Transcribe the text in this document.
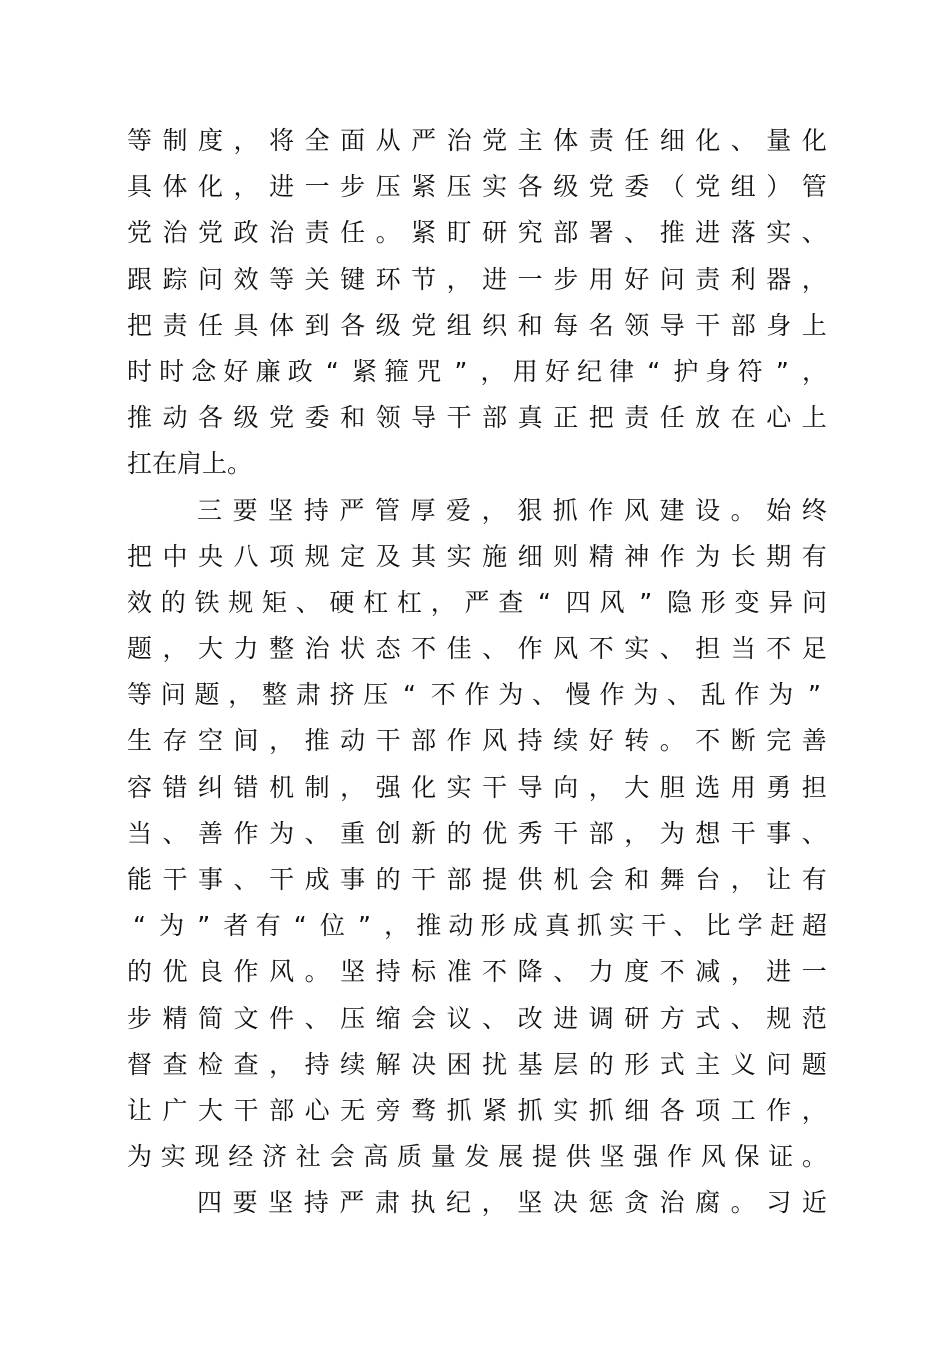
等 制 度 ， 将 全 面 从 严 治 党 主 体 责 任 细 化 、 量 化
具 体 化 ， 进 一 步 压 紧 压 实 各 级 党 委 （ 党 组 ） 管
党 治 党 政 治 责 任 。 紧 盯 研 究 部 署 、 推 进 落 实 、
跟 踪 问 效 等 关 键 环 节 ， 进 一 步 用 好 问 责 利 器 ，
把 责 任 具 体 到 各 级 党 组 织 和 每 名 领 导 干 部 身 上
时 时 念 好 廉 政 “ 紧 箍 咒 ” ， 用 好 纪 律 “ 护 身 符 ” ，
推 动 各 级 党 委 和 领 导 干 部 真 正 把 责 任 放 在 心 上
扛
在
肩
上
。
三 要 坚 持 严 管 厚 爱 ， 狠 抓 作 风 建 设 。 始 终
把 中 央 八 项 规 定 及 其 实 施 细 则 精 神 作 为 长 期 有
效 的 铁 规 矩 、 硬 杠 杠 ， 严 查 “ 四 风 ” 隐 形 变 异 问
题 ， 大 力 整 治 状 态 不 佳 、 作 风 不 实 、 担 当 不 足
等 问 题 ， 整 肃 挤 压 “ 不 作 为 、 慢 作 为 、 乱 作 为 ”
生 存 空 间 ， 推 动 干 部 作 风 持 续 好 转 。 不 断 完 善
容 错 纠 错 机 制 ， 强 化 实 干 导 向 ， 大 胆 选 用 勇 担
当 、 善 作 为 、 重 创 新 的 优 秀 干 部 ， 为 想 干 事 、
能 干 事 、 干 成 事 的 干 部 提 供 机 会 和 舞 台 ， 让 有
“ 为 ” 者 有 “ 位 ” ， 推 动 形 成 真 抓 实 干 、 比 学 赶 超
的 优 良 作 风 。 坚 持 标 准 不 降 、 力 度 不 减 ， 进 一
步 精 简 文 件 、 压 缩 会 议 、 改 进 调 研 方 式 、 规 范
督 查 检 查 ， 持 续 解 决 困 扰 基 层 的 形 式 主 义 问 题
让 广 大 干 部 心 无 旁 骛 抓 紧 抓 实 抓 细 各 项 工 作 ，
为 实 现 经 济 社 会 高 质 量 发 展 提 供 坚 强 作 风 保 证 。
四 要 坚 持 严 肃 执 纪 ， 坚 决 惩 贪 治 腐 。 习 近
